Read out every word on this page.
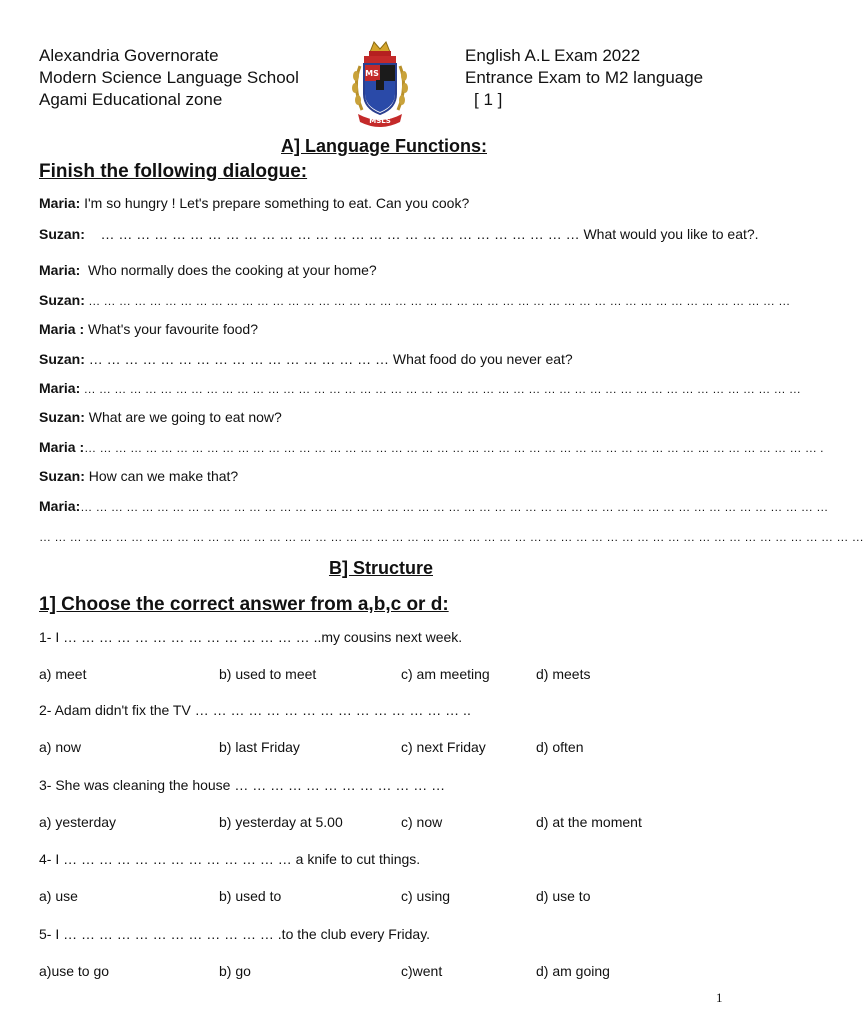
Alexandria Governorate
Modern Science Language School
Agami Educational zone
MS
MSLS
English A.L Exam 2022
Entrance Exam to M2 language
[ 1 ]
A] Language Functions:
Finish the following dialogue:
Maria: I'm so hungry ! Let's prepare something to eat. Can you cook?
Suzan:    … … … … … … … … … … … … … … … … … … … … … … … … … … … What would you like to eat?.
Maria:  Who normally does the cooking at your home?
Suzan: … … … … … … … … … … … … … … … … … … … … … … … … … … … … … … … … … … … … … … … … … … … … … …
Maria : What's your favourite food?
Suzan: … … … … … … … … … … … … … … … … … What food do you never eat?
Maria: … … … … … … … … … … … … … … … … … … … … … … … … … … … … … … … … … … … … … … … … … … … … … … …
Suzan: What are we going to eat now?
Maria :… … … … … … … … … … … … … … … … … … … … … … … … … … … … … … … … … … … … … … … … … … … … … … … … .
Suzan: How can we make that?
Maria:… … … … … … … … … … … … … … … … … … … … … … … … … … … … … … … … … … … … … … … … … … … … … … … … …
… … … … … … … … … … … … … … … … … … … … … … … … … … … … … … … … … … … … … … … … … … … … … … … … … … … … … …
B] Structure
1] Choose the correct answer from a,b,c or d:
1- I … … … … … … … … … … … … … … ..my cousins next week.
a) meet	b) used to meet	c) am meeting	d) meets
2- Adam didn't fix the TV … … … … … … … … … … … … … … … ..
a) now	b) last Friday	c) next Friday	d) often
3- She was cleaning the house … … … … … … … … … … … …
a) yesterday	b) yesterday at 5.00	c) now	d) at the moment
4- I … … … … … … … … … … … … … a knife to cut things.
a) use	b) used to	c) using	d) use to
5- I … … … … … … … … … … … … .to the club every Friday.
a)use to go	b) go	c)went	d) am going
1
